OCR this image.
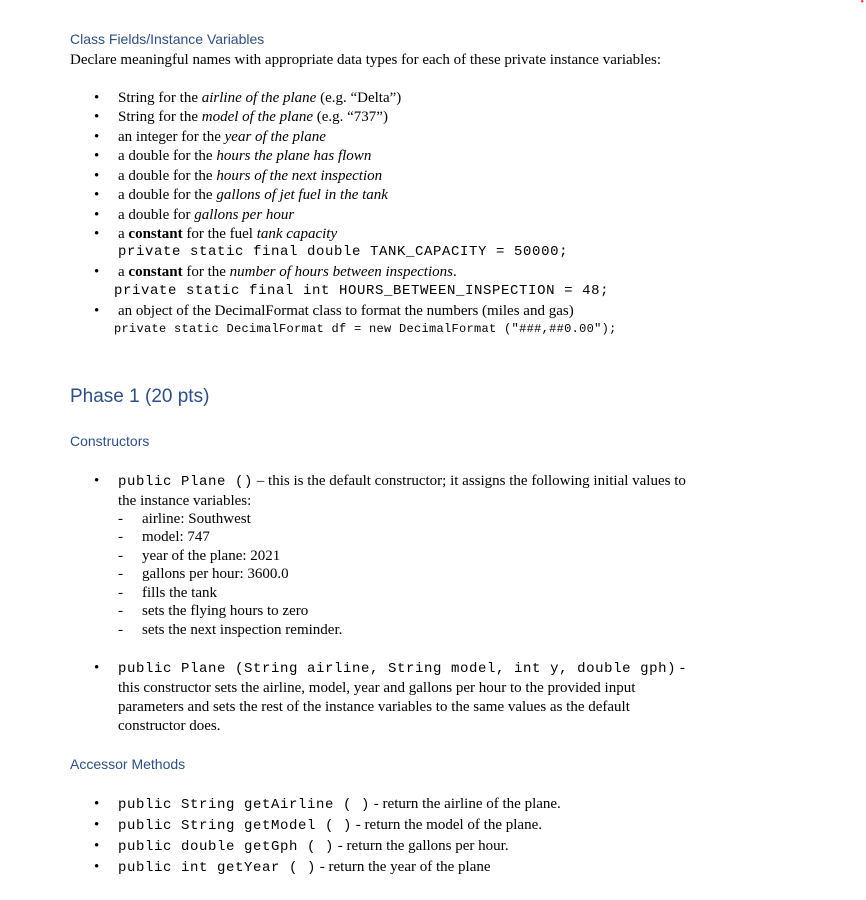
•
Class Fields/Instance Variables
Declare meaningful names with appropriate data types for each of these private instance variables:
• String for the airline of the plane (e.g. “Delta”)
• String for the model of the plane (e.g. “737”)
• an integer for the year of the plane
• a double for the hours the plane has flown
• a double for the hours of the next inspection
• a double for the gallons of jet fuel in the tank
• a double for gallons per hour
• a constant for the fuel tank capacity
private static final double TANK_CAPACITY = 50000;
• a constant for the number of hours between inspections.
private static final int HOURS_BETWEEN_INSPECTION = 48;
• an object of the DecimalFormat class to format the numbers (miles and gas)
private static DecimalFormat df = new DecimalFormat ("###,##0.00");
Phase 1 (20 pts)
Constructors
• public Plane () – this is the default constructor; it assigns the following initial values to the instance variables:
- airline: Southwest
- model: 747
- year of the plane: 2021
- gallons per hour: 3600.0
- fills the tank
- sets the flying hours to zero
- sets the next inspection reminder.
• public Plane (String airline, String model, int y, double gph) - this constructor sets the airline, model, year and gallons per hour to the provided input parameters and sets the rest of the instance variables to the same values as the default constructor does.
Accessor Methods
• public String getAirline ( ) - return the airline of the plane.
• public String getModel ( ) - return the model of the plane.
• public double getGph ( ) - return the gallons per hour.
• public int getYear ( ) - return the year of the plane
